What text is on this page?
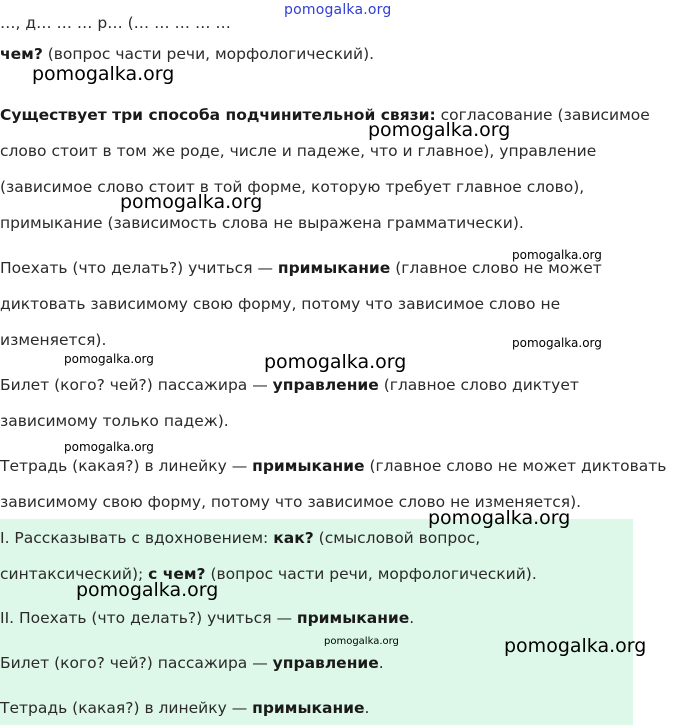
…, д… … … р… (… … … … …
чем? (вопрос части речи, морфологический).
Существует три способа подчинительной связи: согласование (зависимое
слово стоит в том же роде, числе и падеже, что и главное), управление
(зависимое слово стоит в той форме, которую требует главное слово),
примыкание (зависимость слова не выражена грамматически).
Поехать (что делать?) учиться — примыкание (главное слово не может
диктовать зависимому свою форму, потому что зависимое слово не
изменяется).
Билет (кого? чей?) пассажира — управление (главное слово диктует
зависимому только падеж).
Тетрадь (какая?) в линейку — примыкание (главное слово не может диктовать
зависимому свою форму, потому что зависимое слово не изменяется).
I. Рассказывать с вдохновением: как? (смысловой вопрос,
синтаксический); с чем? (вопрос части речи, морфологический).
II. Поехать (что делать?) учиться — примыкание.
Билет (кого? чей?) пассажира — управление.
Тетрадь (какая?) в линейку — примыкание.
pomogalka.org
pomogalka.org
pomogalka.org
pomogalka.org
pomogalka.org
pomogalka.org
pomogalka.org	pomogalka.org
pomogalka.org
pomogalka.org
pomogalka.org
pomogalka.org	pomogalka.org
